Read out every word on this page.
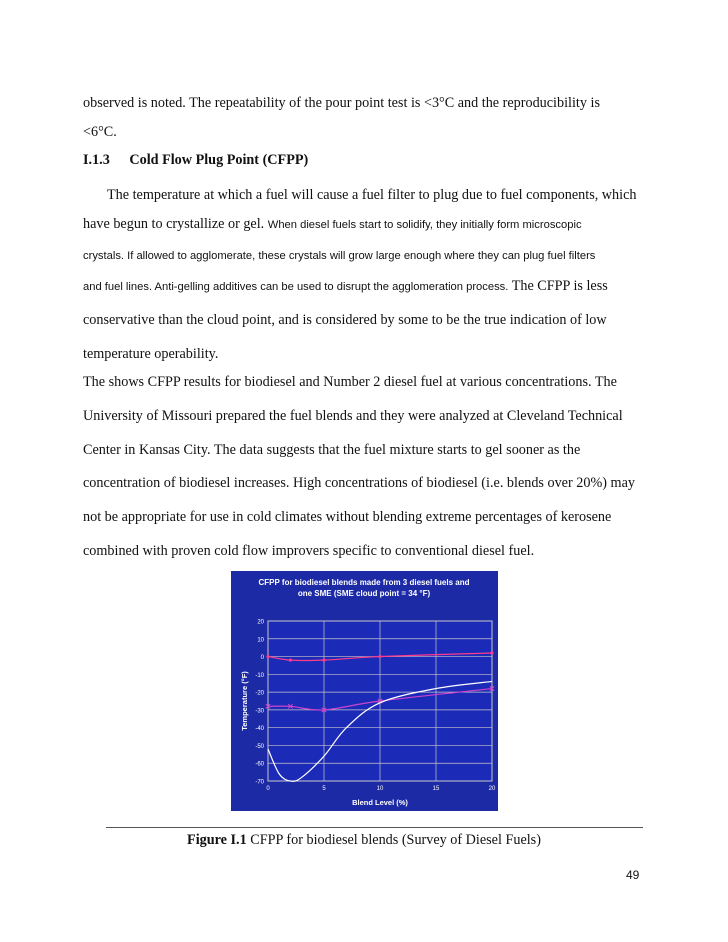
observed is noted. The repeatability of the pour point test is <3°C and the reproducibility is
<6°C.
I.1.3 Cold Flow Plug Point (CFPP)
The temperature at which a fuel will cause a fuel filter to plug due to fuel components, which
have begun to crystallize or gel. When diesel fuels start to solidify, they initially form microscopic
crystals. If allowed to agglomerate, these crystals will grow large enough where they can plug fuel filters
and fuel lines. Anti-gelling additives can be used to disrupt the agglomeration process. The CFPP is less
conservative than the cloud point, and is considered by some to be the true indication of low
temperature operability.
The shows CFPP results for biodiesel and Number 2 diesel fuel at various concentrations. The
University of Missouri prepared the fuel blends and they were analyzed at Cleveland Technical
Center in Kansas City. The data suggests that the fuel mixture starts to gel sooner as the
concentration of biodiesel increases. High concentrations of biodiesel (i.e. blends over 20%) may
not be appropriate for use in cold climates without blending extreme percentages of kerosene
combined with proven cold flow improvers specific to conventional diesel fuel.
CFPP for biodiesel blends made from 3 diesel fuels and
one SME (SME cloud point = 34 °F)
20
10
0
-10
-20
-30
-40
-50
-60
-70
0	5	10	15	20
Blend Level (%)
Temperature (°F)
Figure I.1 CFPP for biodiesel blends (Survey of Diesel Fuels)
49
